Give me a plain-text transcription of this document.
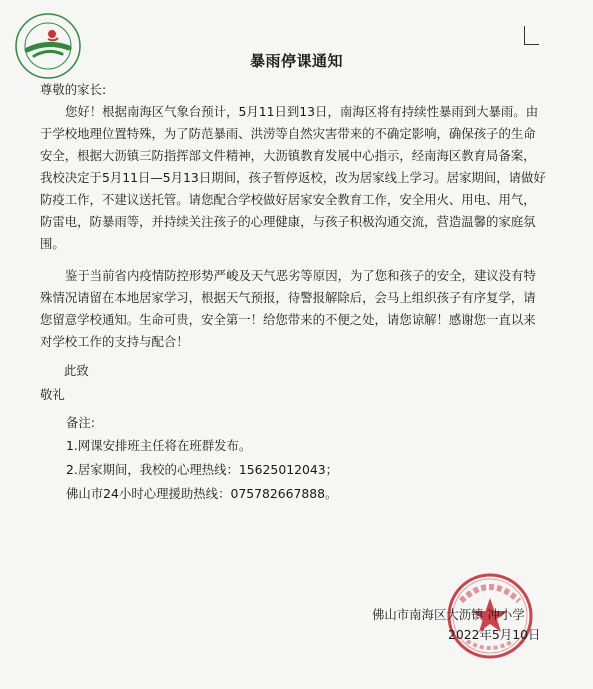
暴雨停课通知
尊敬的家长:
您好！根据南海区气象台预计，5月11日到13日，南海区将有持续性暴雨到大暴雨。由
于学校地理位置特殊，为了防范暴雨、洪涝等自然灾害带来的不确定影响，确保孩子的生命
安全，根据大沥镇三防指挥部文件精神，大沥镇教育发展中心指示，经南海区教育局备案，
我校决定于5月11日—5月13日期间，孩子暂停返校，改为居家线上学习。居家期间，请做好
防疫工作，不建议送托管。请您配合学校做好居家安全教育工作，安全用火、用电、用气，
防雷电，防暴雨等，并持续关注孩子的心理健康，与孩子积极沟通交流，营造温馨的家庭氛
围。
鉴于当前省内疫情防控形势严峻及天气恶劣等原因，为了您和孩子的安全，建议没有特
殊情况请留在本地居家学习，根据天气预报，待警报解除后，会马上组织孩子有序复学，请
您留意学校通知。生命可贵，安全第一！给您带来的不便之处，请您谅解！感谢您一直以来
对学校工作的支持与配合！
此致
敬礼
备注:
1.网课安排班主任将在班群发布。
2.居家期间，我校的心理热线：15625012043；
佛山市24小时心理援助热线：075782667888。
佛山市南海区大沥镇 冲小学
2022年5月10日
